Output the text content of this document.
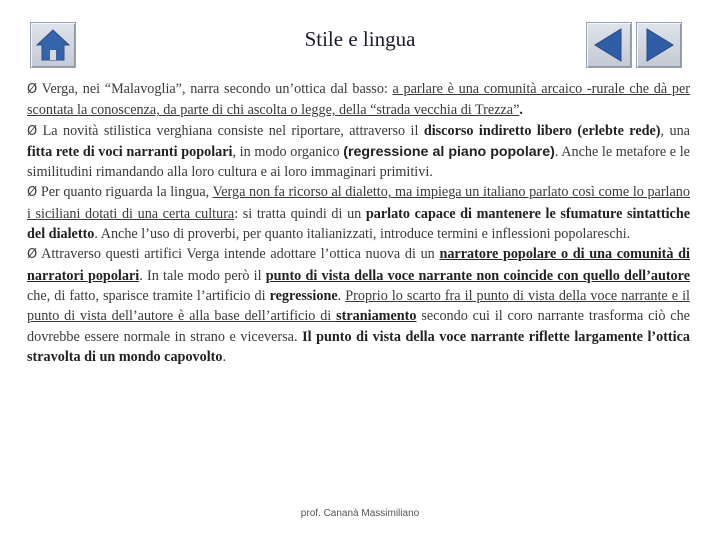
Stile e lingua

Ø Verga, nei “Malavoglia”, narra secondo un’ottica dal basso: a parlare è una comunità arcaico -rurale che dà per scontata la conoscenza, da parte di chi ascolta o legge, della “strada vecchia di Trezza”.

Ø La novità stilistica verghiana consiste nel riportare, attraverso il discorso indiretto libero (erlebte rede), una fitta rete di voci narranti popolari, in modo organico (regressione al piano popolare). Anche le metafore e le similitudini rimandando alla loro cultura e ai loro immaginari primitivi.

Ø Per quanto riguarda la lingua, Verga non fa ricorso al dialetto, ma impiega un italiano parlato così come lo parlano i siciliani dotati di una certa cultura: si tratta quindi di un parlato capace di mantenere le sfumature sintattiche del dialetto. Anche l’uso di proverbi, per quanto italianizzati, introduce termini e inflessioni popolareschi.

Ø Attraverso questi artifici Verga intende adottare l’ottica nuova di un narratore popolare o di una comunità di narratori popolari. In tale modo però il punto di vista della voce narrante non coincide con quello dell’autore che, di fatto, sparisce tramite l’artificio di regressione. Proprio lo scarto fra il punto di vista della voce narrante e il punto di vista dell’autore è alla base dell’artificio di straniamento secondo cui il coro narrante trasforma ciò che dovrebbe essere normale in strano e viceversa. Il punto di vista della voce narrante riflette largamente l’ottica stravolta di un mondo capovolto.

prof. Cananà Massimiliano
